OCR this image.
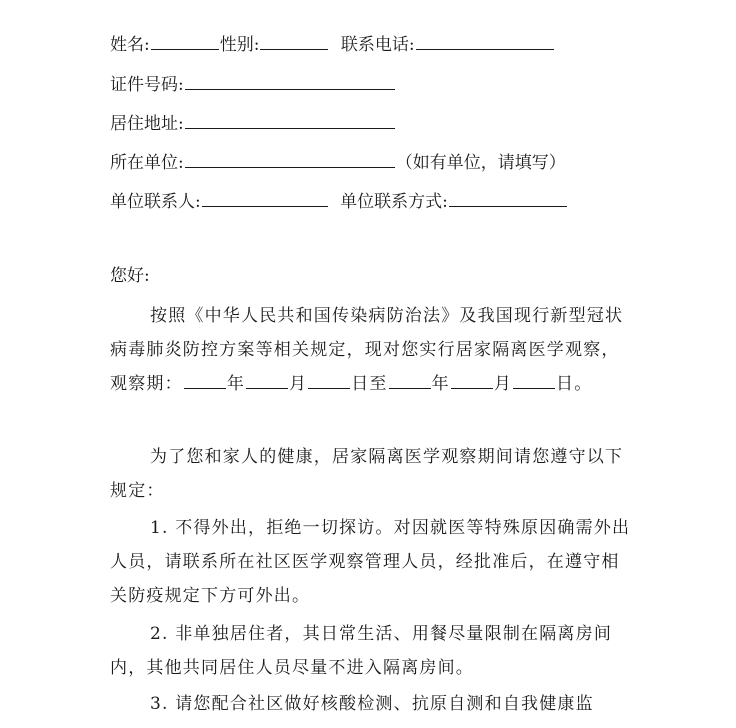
姓名:	性别:	联系电话:
证件号码:
居住地址:
所在单位:	（如有单位，请填写）
单位联系人:	单位联系方式:
您好:
按照《中华人民共和国传染病防治法》及我国现行新型冠状病毒肺炎防控方案等相关规定，现对您实行居家隔离医学观察，观察期：	年	月	日至	年	月	日。
为了您和家人的健康，居家隔离医学观察期间请您遵守以下规定：
1. 不得外出，拒绝一切探访。对因就医等特殊原因确需外出人员，请联系所在社区医学观察管理人员，经批准后，在遵守相关防疫规定下方可外出。
2. 非单独居住者，其日常生活、用餐尽量限制在隔离房间内，其他共同居住人员尽量不进入隔离房间。
3. 请您配合社区做好核酸检测、抗原自测和自我健康监
